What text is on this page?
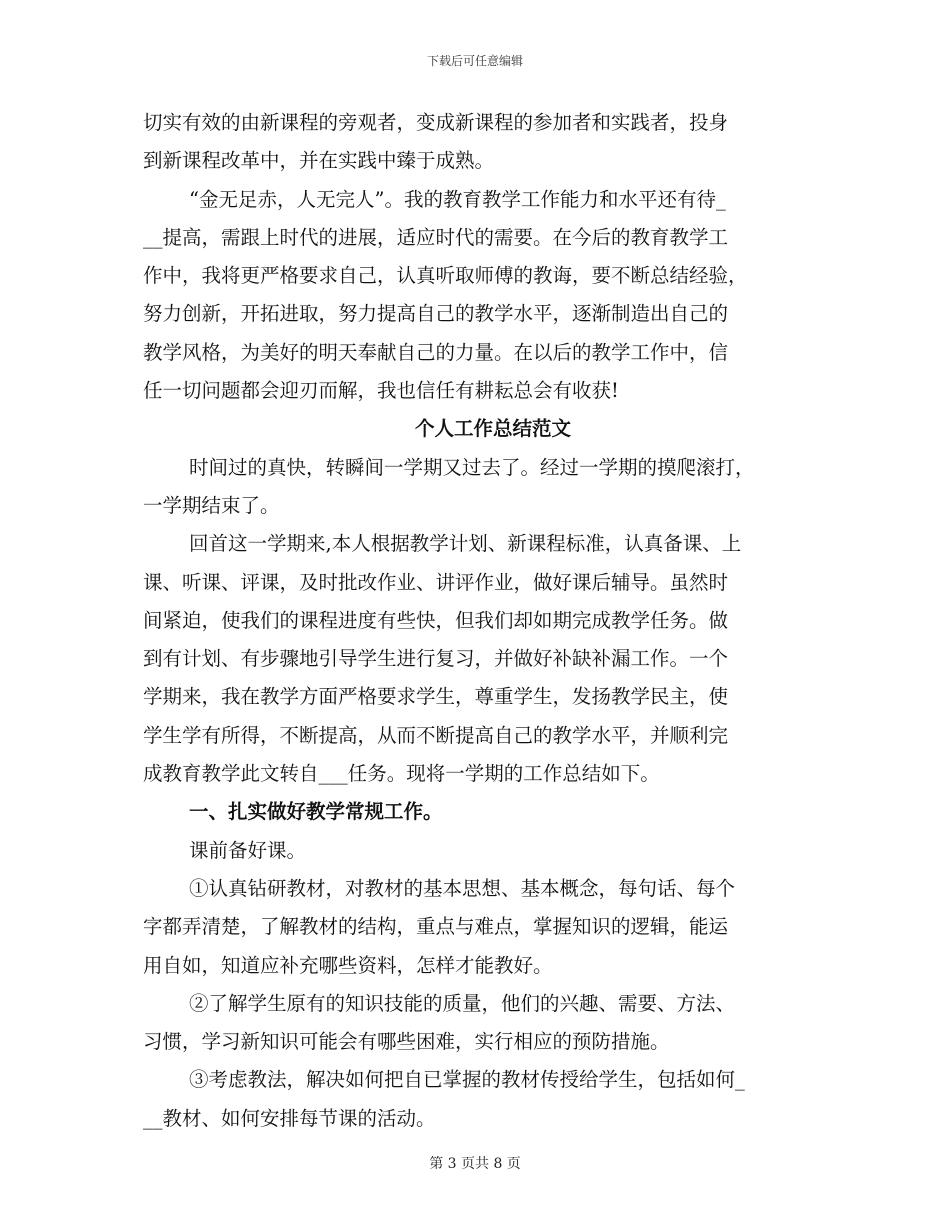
下载后可任意编辑
切实有效的由新课程的旁观者，变成新课程的参加者和实践者，投身
到新课程改革中，并在实践中臻于成熟。
“金无足赤，人无完人”。我的教育教学工作能力和水平还有待_
__提高，需跟上时代的进展，适应时代的需要。在今后的教育教学工
作中，我将更严格要求自己，认真听取师傅的教诲，要不断总结经验，
努力创新，开拓进取，努力提高自己的教学水平，逐渐制造出自己的
教学风格，为美好的明天奉献自己的力量。在以后的教学工作中，信
任一切问题都会迎刃而解，我也信任有耕耘总会有收获!
个人工作总结范文
时间过的真快，转瞬间一学期又过去了。经过一学期的摸爬滚打，
一学期结束了。
回首这一学期来,本人根据教学计划、新课程标准，认真备课、上
课、听课、评课，及时批改作业、讲评作业，做好课后辅导。虽然时
间紧迫，使我们的课程进度有些快，但我们却如期完成教学任务。做
到有计划、有步骤地引导学生进行复习，并做好补缺补漏工作。一个
学期来，我在教学方面严格要求学生，尊重学生，发扬教学民主，使
学生学有所得，不断提高，从而不断提高自己的教学水平，并顺利完
成教育教学此文转自___任务。现将一学期的工作总结如下。
一、扎实做好教学常规工作。
课前备好课。
①认真钻研教材，对教材的基本思想、基本概念，每句话、每个
字都弄清楚，了解教材的结构，重点与难点，掌握知识的逻辑，能运
用自如，知道应补充哪些资料，怎样才能教好。
②了解学生原有的知识技能的质量，他们的兴趣、需要、方法、
习惯，学习新知识可能会有哪些困难，实行相应的预防措施。
③考虑教法，解决如何把自已掌握的教材传授给学生，包括如何_
__教材、如何安排每节课的活动。
第 3 页共 8 页
